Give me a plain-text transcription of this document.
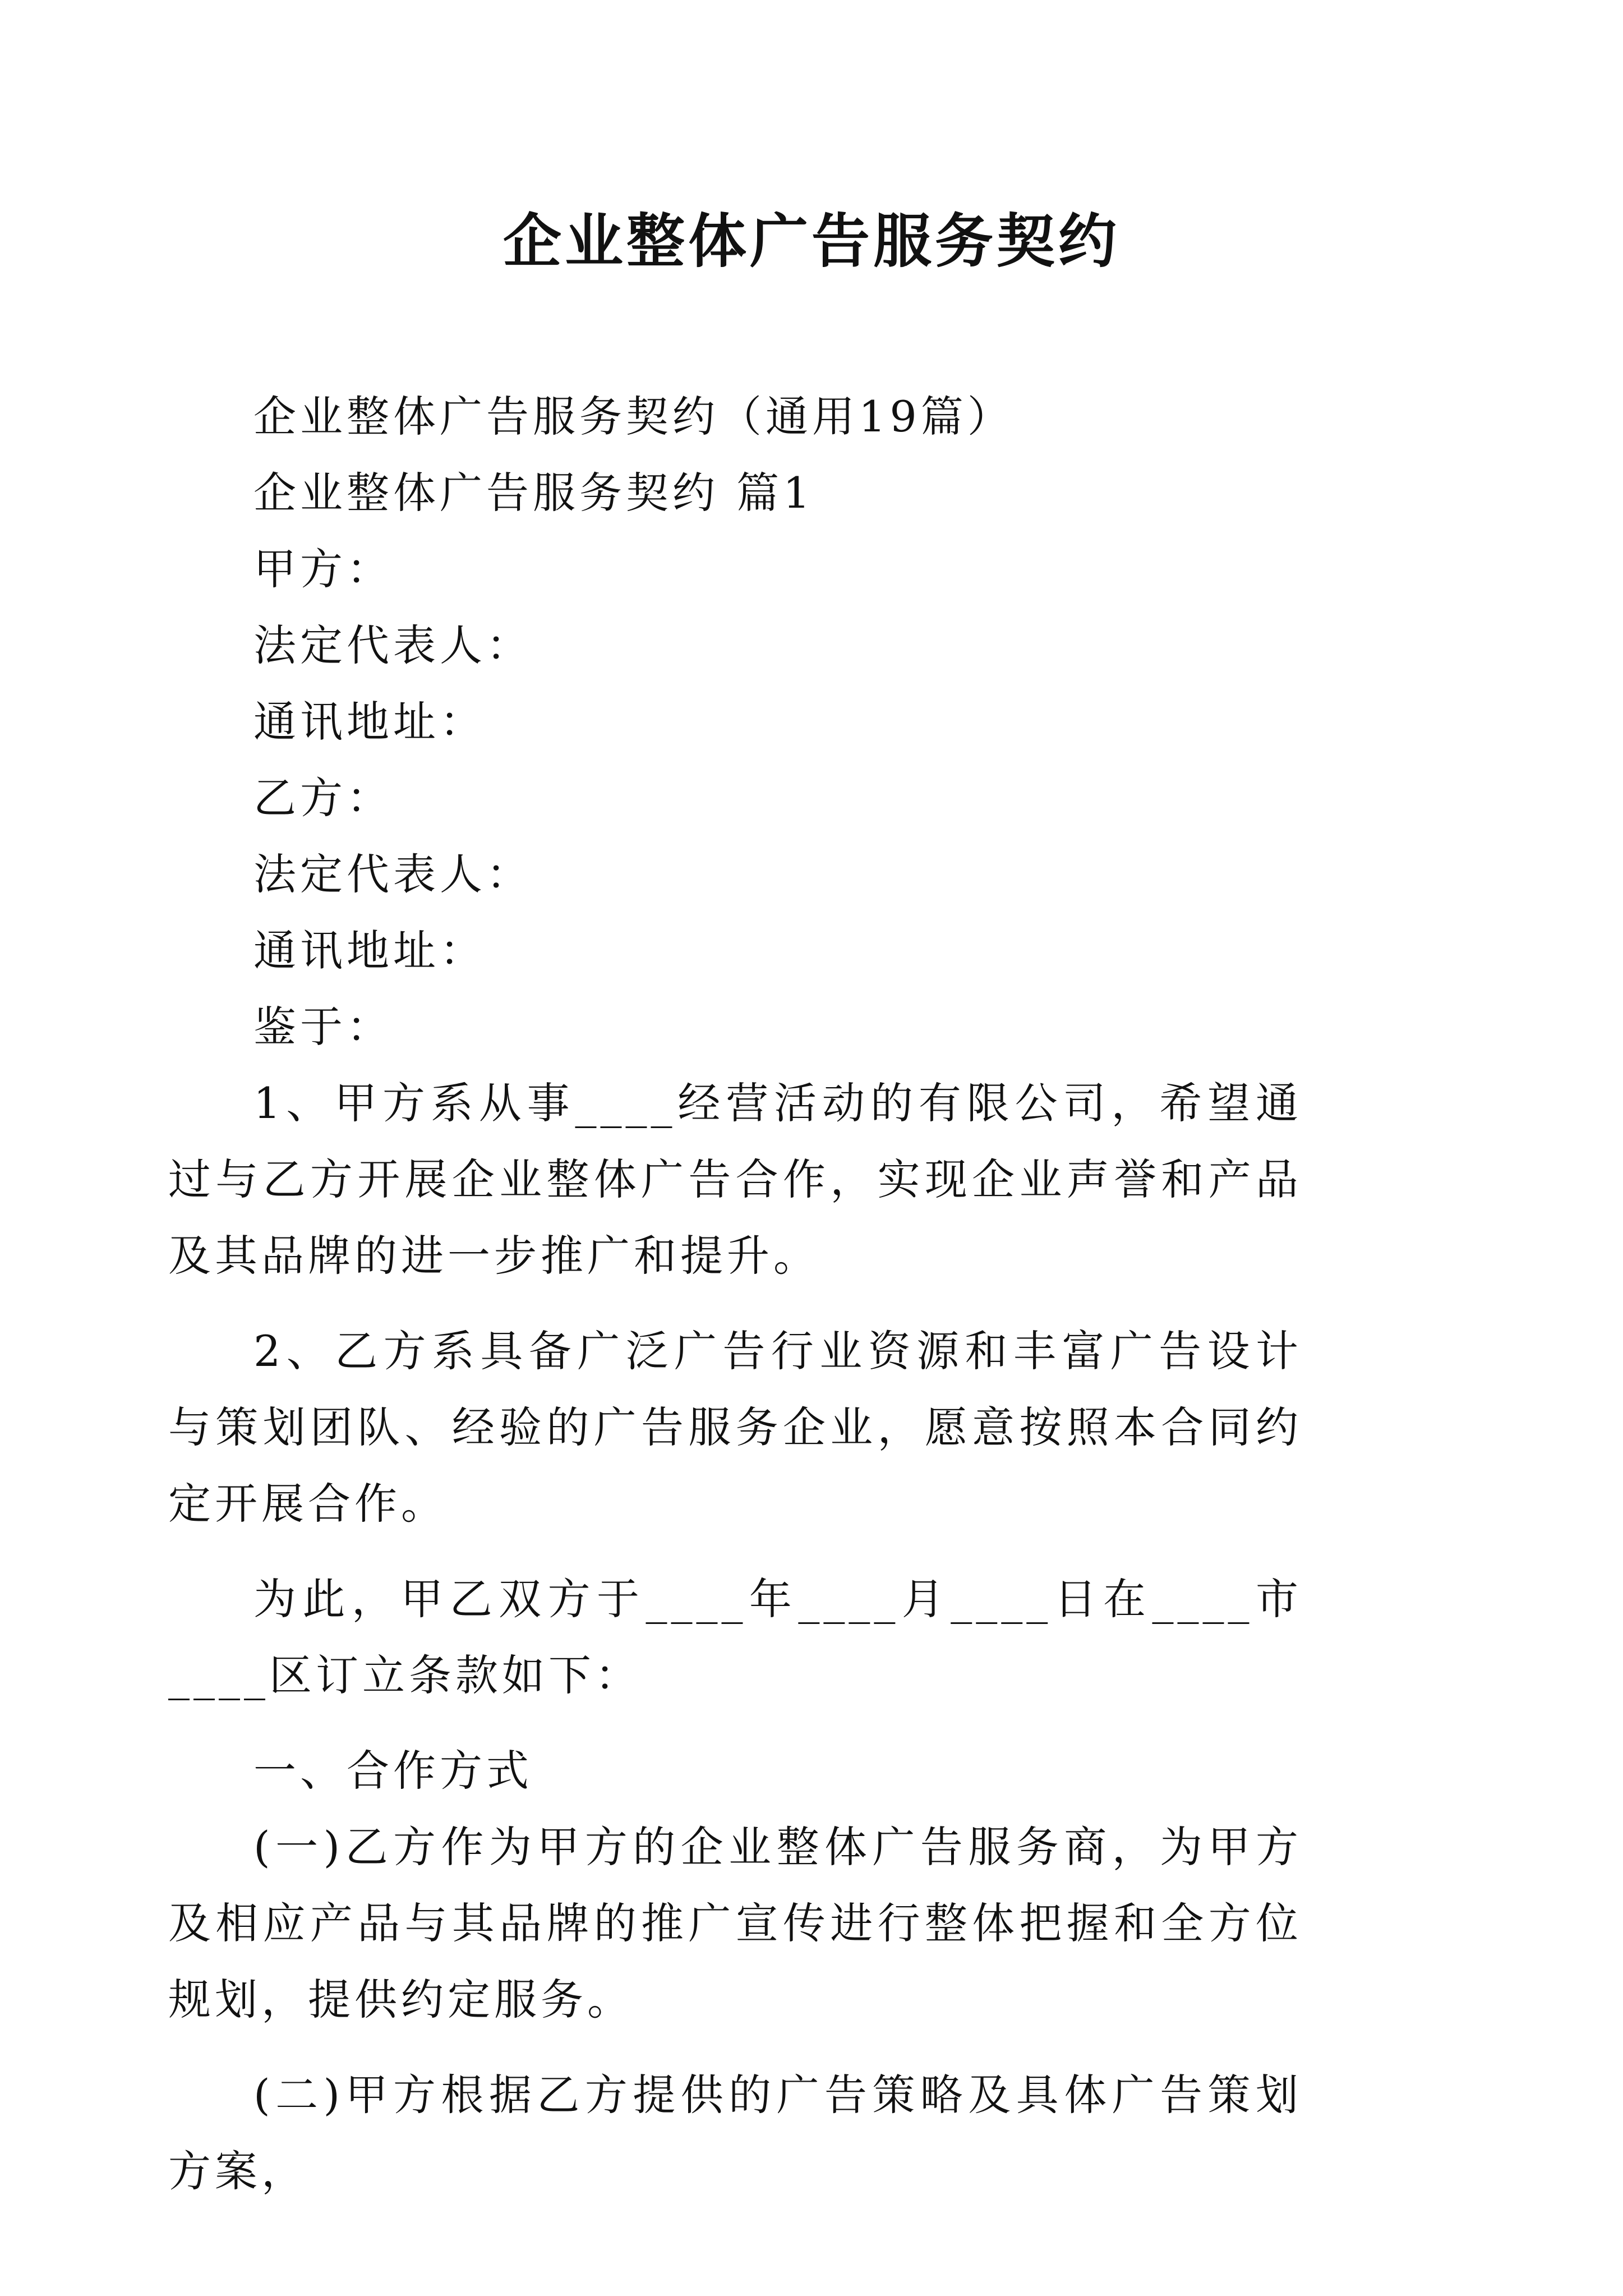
企业整体广告服务契约

企业整体广告服务契约（通用19篇）

企业整体广告服务契约 篇1

甲方：

法定代表人：

通讯地址：

乙方：

法定代表人：

通讯地址：

鉴于：

1、甲方系从事____经营活动的有限公司，希望通过与乙方开展企业整体广告合作，实现企业声誉和产品及其品牌的进一步推广和提升。

2、乙方系具备广泛广告行业资源和丰富广告设计与策划团队、经验的广告服务企业，愿意按照本合同约定开展合作。

为此，甲乙双方于____年____月____日在____市____区订立条款如下：

一、合作方式

(一)乙方作为甲方的企业整体广告服务商，为甲方及相应产品与其品牌的推广宣传进行整体把握和全方位规划，提供约定服务。

(二)甲方根据乙方提供的广告策略及具体广告策划方案，
